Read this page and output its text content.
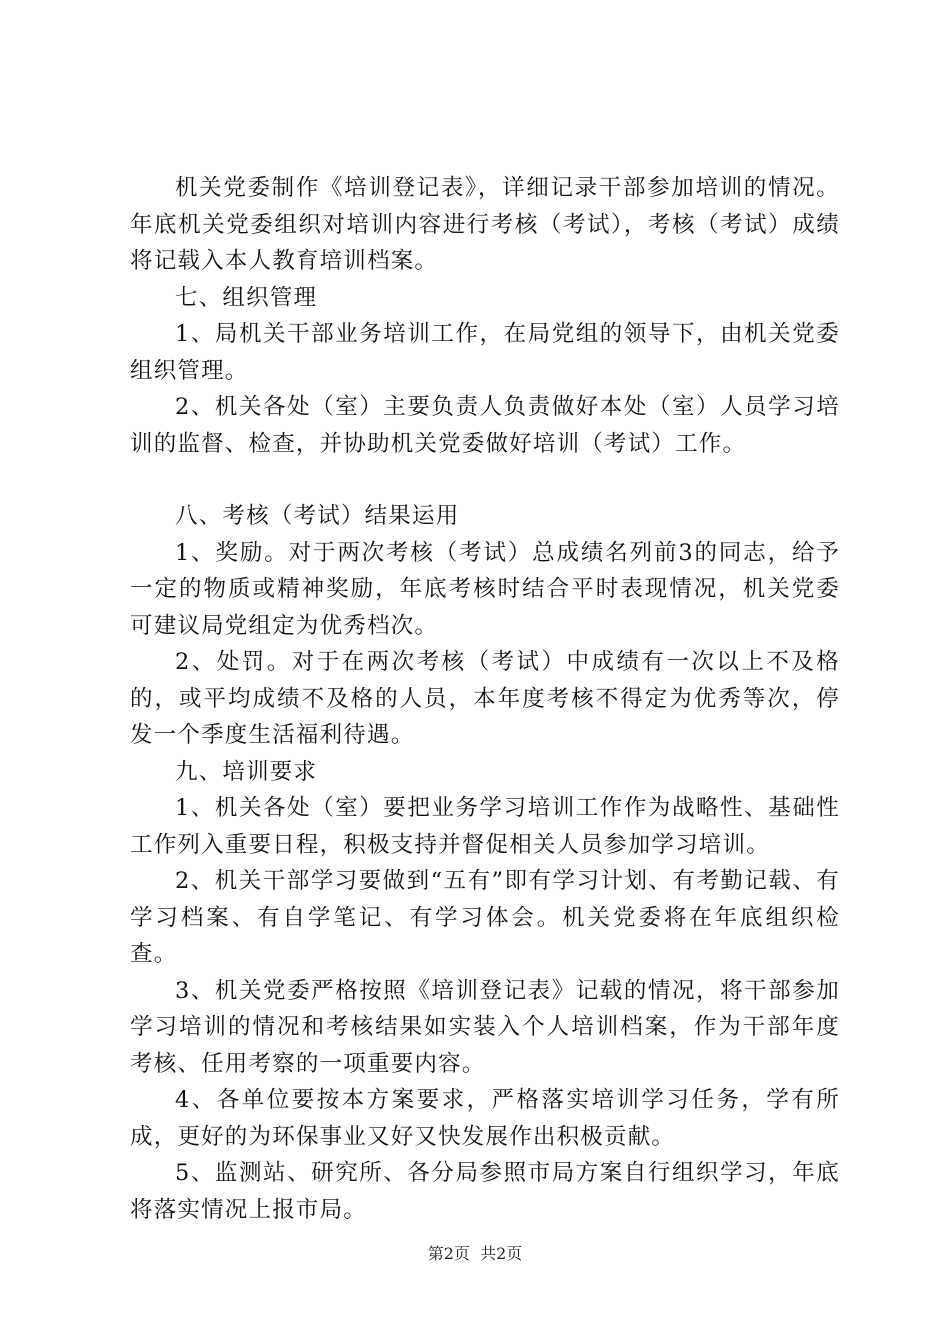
机关党委制作《培训登记表》，详细记录干部参加培训的情况。年底机关党委组织对培训内容进行考核（考试），考核（考试）成绩将记载入本人教育培训档案。

七、组织管理

1、局机关干部业务培训工作，在局党组的领导下，由机关党委组织管理。

2、机关各处（室）主要负责人负责做好本处（室）人员学习培训的监督、检查，并协助机关党委做好培训（考试）工作。

八、考核（考试）结果运用

1、奖励。对于两次考核（考试）总成绩名列前3的同志，给予一定的物质或精神奖励，年底考核时结合平时表现情况，机关党委可建议局党组定为优秀档次。

2、处罚。对于在两次考核（考试）中成绩有一次以上不及格的，或平均成绩不及格的人员，本年度考核不得定为优秀等次，停发一个季度生活福利待遇。

九、培训要求

1、机关各处（室）要把业务学习培训工作作为战略性、基础性工作列入重要日程，积极支持并督促相关人员参加学习培训。

2、机关干部学习要做到“五有”即有学习计划、有考勤记载、有学习档案、有自学笔记、有学习体会。机关党委将在年底组织检查。

3、机关党委严格按照《培训登记表》记载的情况，将干部参加学习培训的情况和考核结果如实装入个人培训档案，作为干部年度考核、任用考察的一项重要内容。

4、各单位要按本方案要求，严格落实培训学习任务，学有所成，更好的为环保事业又好又快发展作出积极贡献。

5、监测站、研究所、各分局参照市局方案自行组织学习，年底将落实情况上报市局。

第2页  共2页
